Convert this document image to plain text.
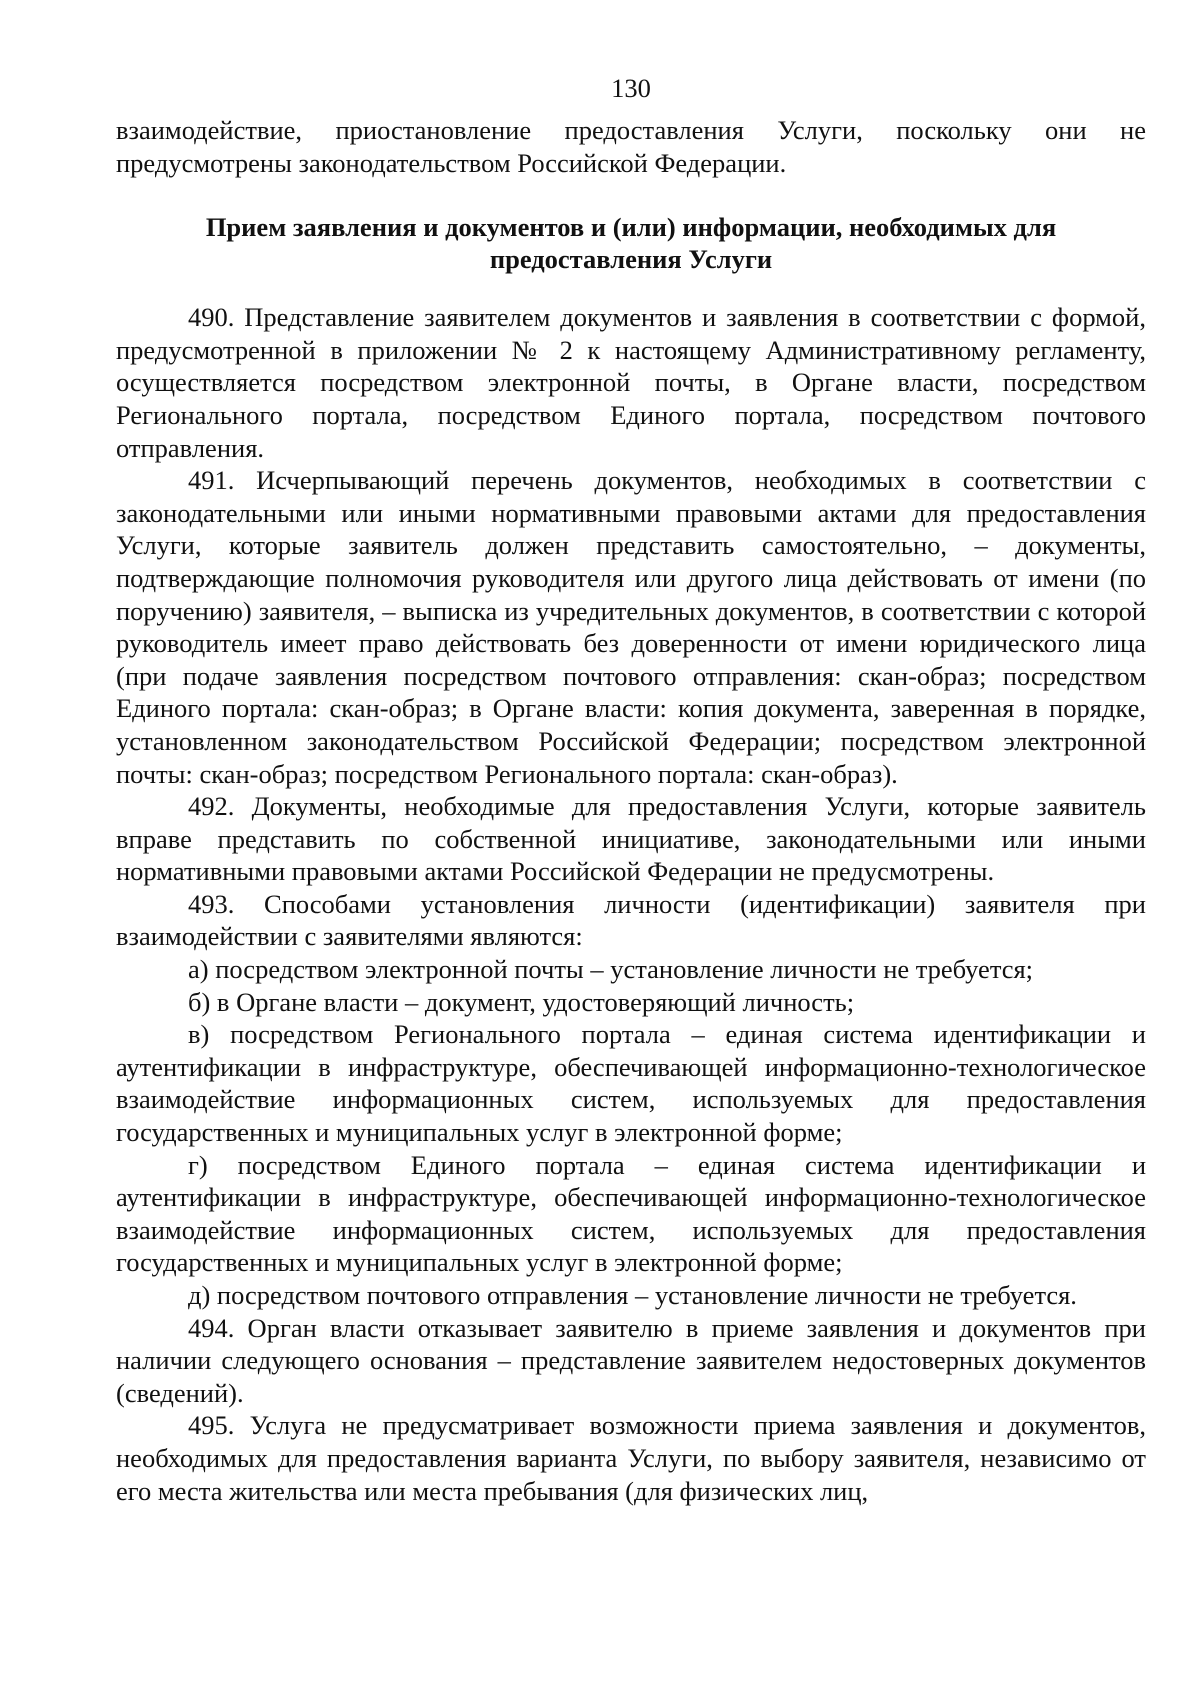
130

взаимодействие, приостановление предоставления Услуги, поскольку они не предусмотрены законодательством Российской Федерации.

Прием заявления и документов и (или) информации, необходимых для предоставления Услуги

490. Представление заявителем документов и заявления в соответствии с формой, предусмотренной в приложении № 2 к настоящему Административному регламенту, осуществляется посредством электронной почты, в Органе власти, посредством Регионального портала, посредством Единого портала, посредством почтового отправления.

491. Исчерпывающий перечень документов, необходимых в соответствии с законодательными или иными нормативными правовыми актами для предоставления Услуги, которые заявитель должен представить самостоятельно, – документы, подтверждающие полномочия руководителя или другого лица действовать от имени (по поручению) заявителя, – выписка из учредительных документов, в соответствии с которой руководитель имеет право действовать без доверенности от имени юридического лица (при подаче заявления посредством почтового отправления: скан-образ; посредством Единого портала: скан-образ; в Органе власти: копия документа, заверенная в порядке, установленном законодательством Российской Федерации; посредством электронной почты: скан-образ; посредством Регионального портала: скан-образ).

492. Документы, необходимые для предоставления Услуги, которые заявитель вправе представить по собственной инициативе, законодательными или иными нормативными правовыми актами Российской Федерации не предусмотрены.

493. Способами установления личности (идентификации) заявителя при взаимодействии с заявителями являются:

а) посредством электронной почты – установление личности не требуется;

б) в Органе власти – документ, удостоверяющий личность;

в) посредством Регионального портала – единая система идентификации и аутентификации в инфраструктуре, обеспечивающей информационно-технологическое взаимодействие информационных систем, используемых для предоставления государственных и муниципальных услуг в электронной форме;

г) посредством Единого портала – единая система идентификации и аутентификации в инфраструктуре, обеспечивающей информационно-технологическое взаимодействие информационных систем, используемых для предоставления государственных и муниципальных услуг в электронной форме;

д) посредством почтового отправления – установление личности не требуется.

494. Орган власти отказывает заявителю в приеме заявления и документов при наличии следующего основания – представление заявителем недостоверных документов (сведений).

495. Услуга не предусматривает возможности приема заявления и документов, необходимых для предоставления варианта Услуги, по выбору заявителя, независимо от его места жительства или места пребывания (для физических лиц,
